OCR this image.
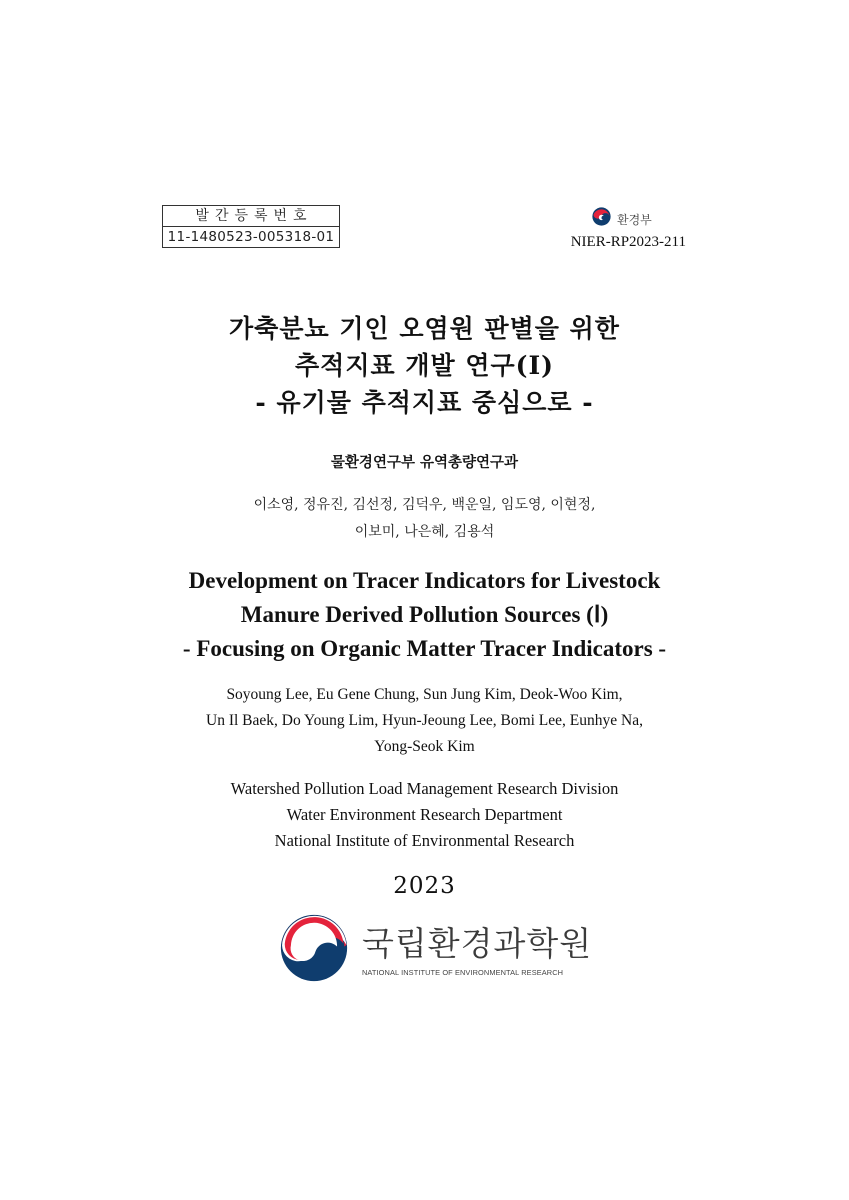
발간등록번호
11-1480523-005318-01
환경부
NIER-RP2023-211
가축분뇨 기인 오염원 판별을 위한
추적지표 개발 연구(Ⅰ)
- 유기물 추적지표 중심으로 -
물환경연구부 유역총량연구과
이소영, 정유진, 김선정, 김덕우, 백운일, 임도영, 이현정,
이보미, 나은혜, 김용석
Development on Tracer Indicators for Livestock
Manure Derived Pollution Sources (Ⅰ)
- Focusing on Organic Matter Tracer Indicators -
Soyoung Lee, Eu Gene Chung, Sun Jung Kim, Deok-Woo Kim,
Un Il Baek, Do Young Lim, Hyun-Jeoung Lee, Bomi Lee, Eunhye Na,
Yong-Seok Kim
Watershed Pollution Load Management Research Division
Water Environment Research Department
National Institute of Environmental Research
2023
국립환경과학원
NATIONAL INSTITUTE OF ENVIRONMENTAL RESEARCH
